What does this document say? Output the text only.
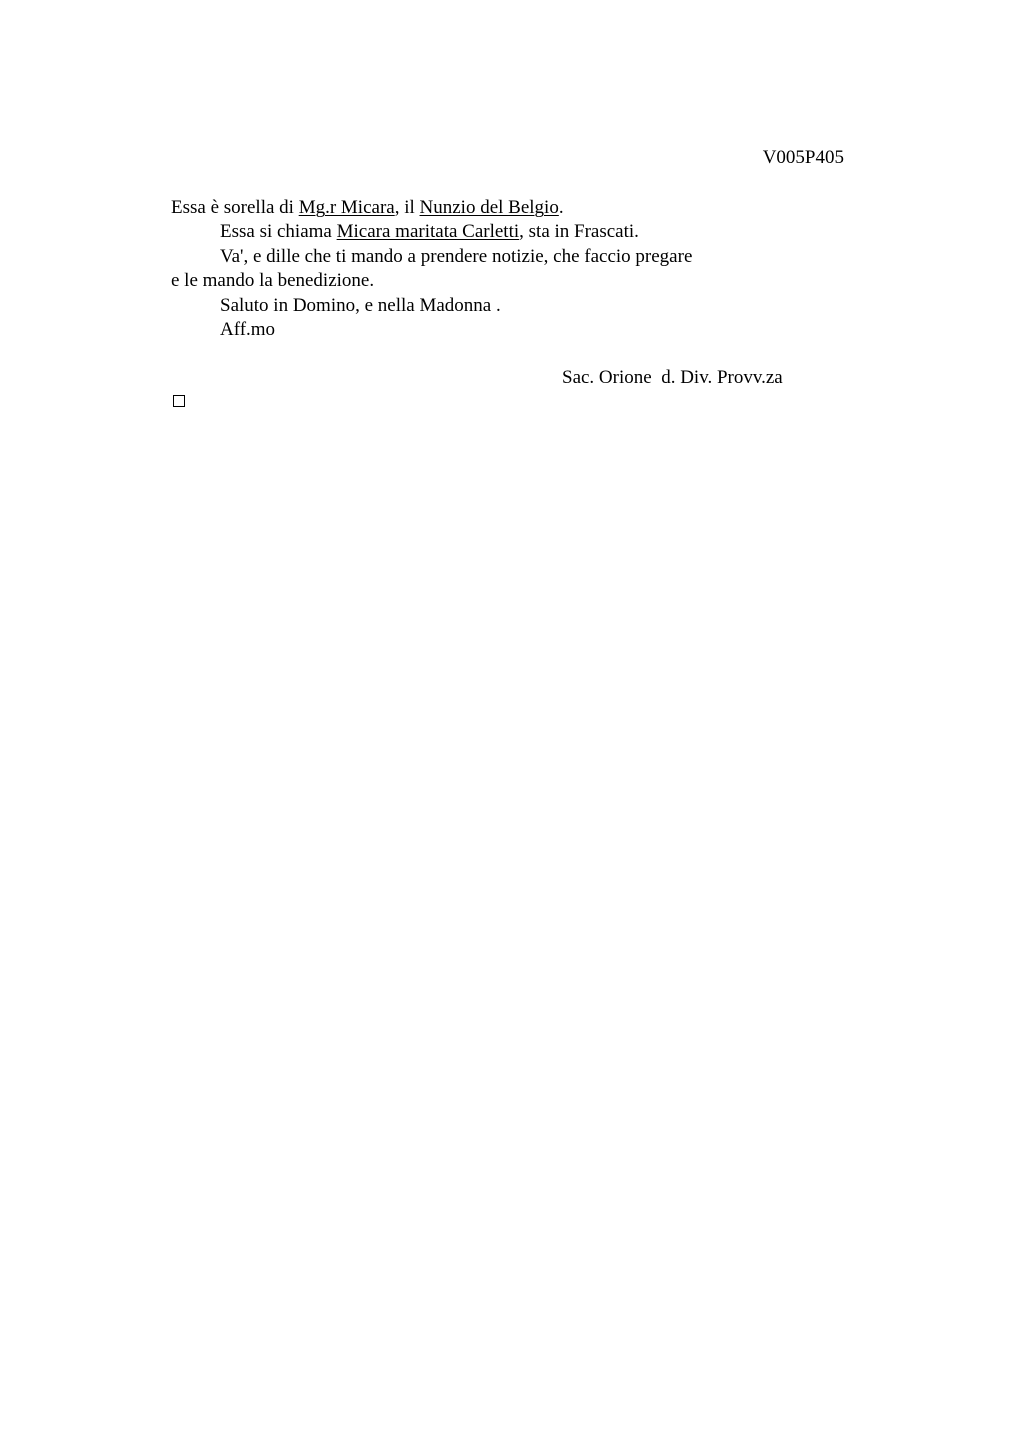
V005P405
Essa è sorella di Mg.r Micara, il Nunzio del Belgio.
Essa si chiama Micara maritata Carletti, sta in Frascati.
Va', e dille che ti mando a prendere notizie, che faccio pregare
e le mando la benedizione.
Saluto in Domino, e nella Madonna .
Aff.mo
Sac. Orione  d. Div. Provv.za
